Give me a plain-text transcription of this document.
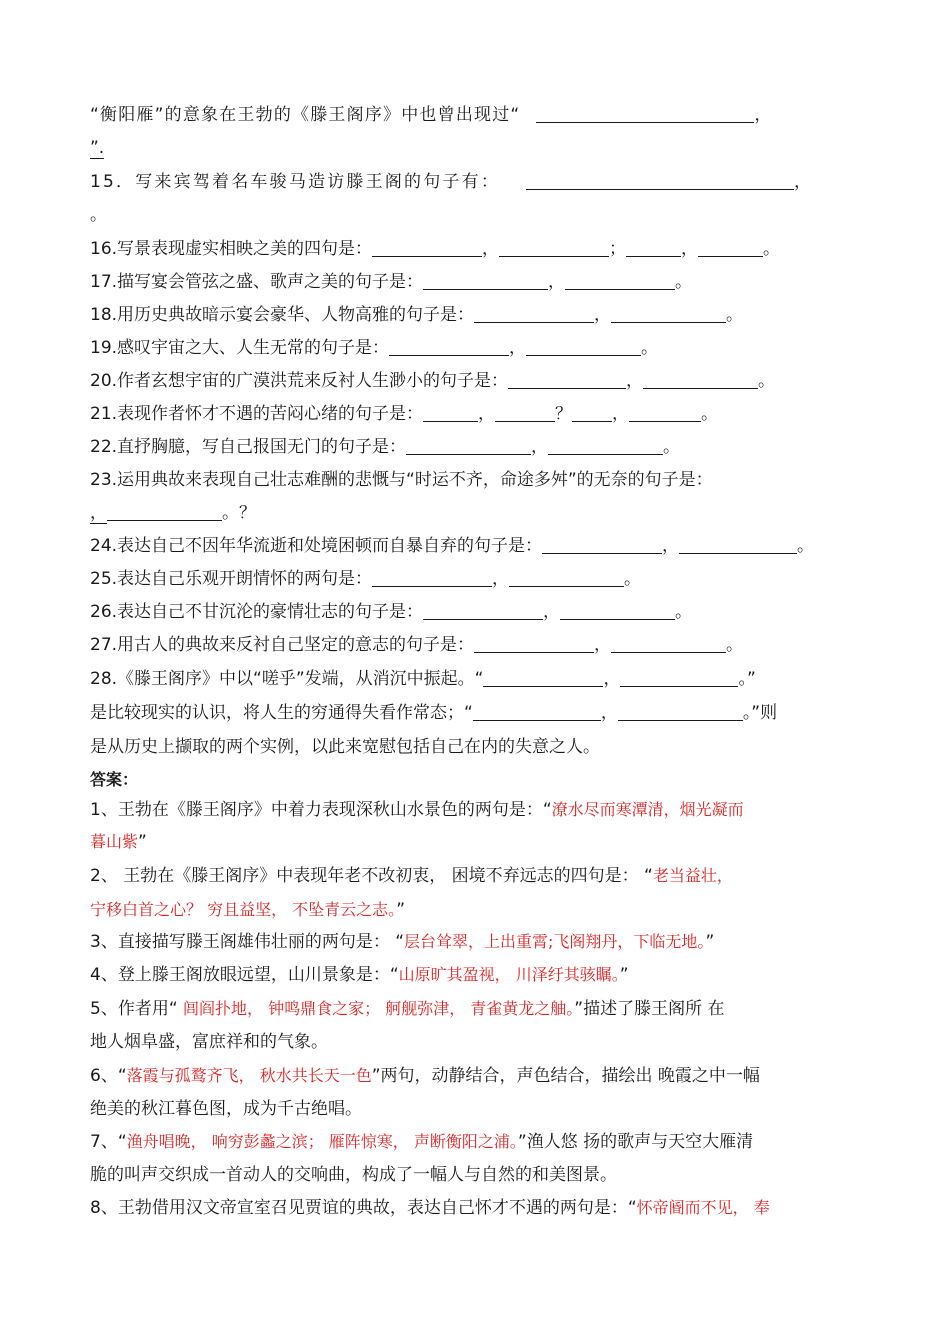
“衡阳雁”的意象在王勃的《滕王阁序》中也曾出现过“	，
”.
15．写来宾驾着名车骏马造访滕王阁的句子有：	，
。
16.写景表现虚实相映之美的四句是：	，	；	，	。
17.描写宴会管弦之盛、歌声之美的句子是：	，	。
18.用历史典故暗示宴会豪华、人物高雅的句子是：	，	。
19.感叹宇宙之大、人生无常的句子是：	，	。
20.作者玄想宇宙的广漠洪荒来反衬人生渺小的句子是：	，	。
21.表现作者怀才不遇的苦闷心绪的句子是：	，	？ ，	。
22.直抒胸臆，写自己报国无门的句子是：	，	。
23.运用典故来表现自己壮志难酬的悲慨与“时运不齐，命途多舛”的无奈的句子是：
，	。？
24.表达自己不因年华流逝和处境困顿而自暴自弃的句子是：	，	。
25.表达自己乐观开朗情怀的两句是：	，	。
26.表达自己不甘沉沦的豪情壮志的句子是：	，	。
27.用古人的典故来反衬自己坚定的意志的句子是：	，	。
28.《滕王阁序》中以“嗟乎”发端，从消沉中振起。“	，	。”
是比较现实的认识，将人生的穷通得失看作常态；“	，	。”则
是从历史上撷取的两个实例，以此来宽慰包括自己在内的失意之人。
答案：
1、王勃在《滕王阁序》中着力表现深秋山水景色的两句是：“潦水尽而寒潭清，烟光凝而
暮山紫”
2、 王勃在《滕王阁序》中表现年老不改初衷， 困境不弃远志的四句是： “老当益壮，
宁移白首之心？ 穷且益坚， 不坠青云之志。”
3、直接描写滕王阁雄伟壮丽的两句是： “层台耸翠，上出重霄;飞阁翔丹，下临无地。”
4、登上滕王阁放眼远望，山川景象是：“山原旷其盈视， 川泽纡其骇瞩。”
5、作者用“ 闾阎扑地， 钟鸣鼎食之家； 舸舰弥津， 青雀黄龙之舳。”描述了滕王阁所 在
地人烟阜盛，富庶祥和的气象。
6、“落霞与孤鹜齐飞， 秋水共长天一色”两句，动静结合，声色结合，描绘出 晚霞之中一幅
绝美的秋江暮色图，成为千古绝唱。
7、“渔舟唱晚， 响穷彭蠡之滨； 雁阵惊寒， 声断衡阳之浦。”渔人悠 扬的歌声与天空大雁清
脆的叫声交织成一首动人的交响曲，构成了一幅人与自然的和美图景。
8、王勃借用汉文帝宣室召见贾谊的典故，表达自己怀才不遇的两句是：“怀帝阍而不见， 奉
